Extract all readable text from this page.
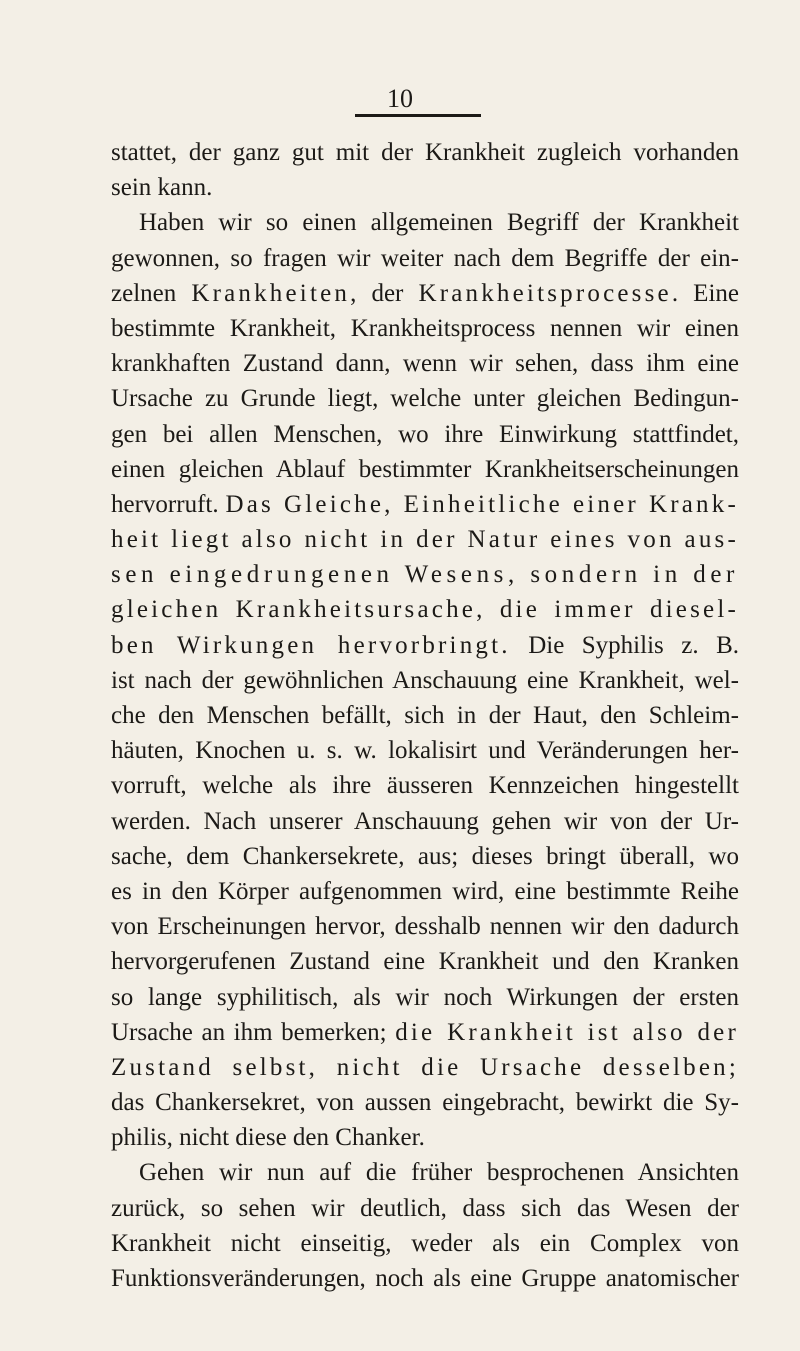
10
stattet, der ganz gut mit der Krankheit zugleich vorhanden
sein kann.
Haben wir so einen allgemeinen Begriff der Krankheit
gewonnen, so fragen wir weiter nach dem Begriffe der ein-
zelnen Krankheiten, der Krankheitsprocesse. Eine
bestimmte Krankheit, Krankheitsprocess nennen wir einen
krankhaften Zustand dann, wenn wir sehen, dass ihm eine
Ursache zu Grunde liegt, welche unter gleichen Bedingun-
gen bei allen Menschen, wo ihre Einwirkung stattfindet,
einen gleichen Ablauf bestimmter Krankheitserscheinungen
hervorruft. Das Gleiche, Einheitliche einer Krank-
heit liegt also nicht in der Natur eines von aus-
sen eingedrungenen Wesens, sondern in der
gleichen Krankheitsursache, die immer diesel-
ben Wirkungen hervorbringt. Die Syphilis z. B.
ist nach der gewöhnlichen Anschauung eine Krankheit, wel-
che den Menschen befällt, sich in der Haut, den Schleim-
häuten, Knochen u. s. w. lokalisirt und Veränderungen her-
vorruft, welche als ihre äusseren Kennzeichen hingestellt
werden. Nach unserer Anschauung gehen wir von der Ur-
sache, dem Chankersekrete, aus; dieses bringt überall, wo
es in den Körper aufgenommen wird, eine bestimmte Reihe
von Erscheinungen hervor, desshalb nennen wir den dadurch
hervorgerufenen Zustand eine Krankheit und den Kranken
so lange syphilitisch, als wir noch Wirkungen der ersten
Ursache an ihm bemerken; die Krankheit ist also der
Zustand selbst, nicht die Ursache desselben;
das Chankersekret, von aussen eingebracht, bewirkt die Sy-
philis, nicht diese den Chanker.
Gehen wir nun auf die früher besprochenen Ansichten
zurück, so sehen wir deutlich, dass sich das Wesen der
Krankheit nicht einseitig, weder als ein Complex von
Funktionsveränderungen, noch als eine Gruppe anatomischer
